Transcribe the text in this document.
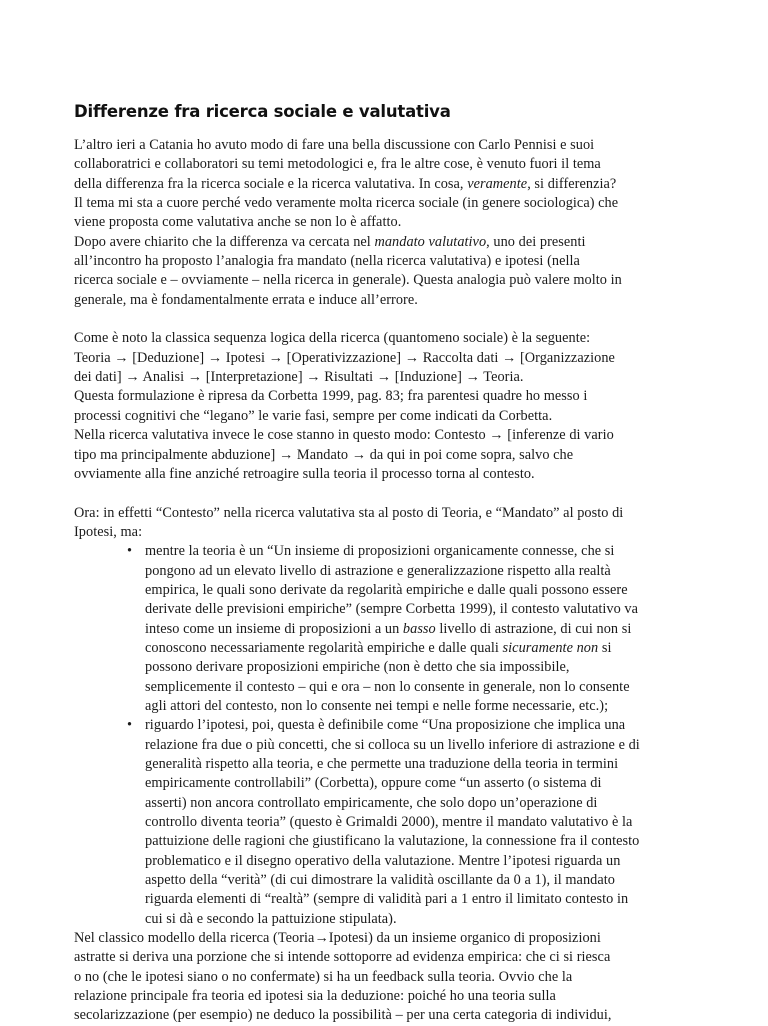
Differenze fra ricerca sociale e valutativa
L’altro ieri a Catania ho avuto modo di fare una bella discussione con Carlo Pennisi e suoi
collaboratrici e collaboratori su temi metodologici e, fra le altre cose, è venuto fuori il tema
della differenza fra la ricerca sociale e la ricerca valutativa. In cosa, veramente, si differenzia?
Il tema mi sta a cuore perché vedo veramente molta ricerca sociale (in genere sociologica) che
viene proposta come valutativa anche se non lo è affatto.
Dopo avere chiarito che la differenza va cercata nel mandato valutativo, uno dei presenti
all’incontro ha proposto l’analogia fra mandato (nella ricerca valutativa) e ipotesi (nella
ricerca sociale e – ovviamente – nella ricerca in generale). Questa analogia può valere molto in
generale, ma è fondamentalmente errata e induce all’errore.
Come è noto la classica sequenza logica della ricerca (quantomeno sociale) è la seguente:
Teoria → [Deduzione] → Ipotesi → [Operativizzazione] → Raccolta dati → [Organizzazione
dei dati] → Analisi → [Interpretazione] → Risultati → [Induzione] → Teoria.
Questa formulazione è ripresa da Corbetta 1999, pag. 83; fra parentesi quadre ho messo i
processi cognitivi che “legano” le varie fasi, sempre per come indicati da Corbetta.
Nella ricerca valutativa invece le cose stanno in questo modo: Contesto → [inferenze di vario
tipo ma principalmente abduzione] → Mandato → da qui in poi come sopra, salvo che
ovviamente alla fine anziché retroagire sulla teoria il processo torna al contesto.
Ora: in effetti “Contesto” nella ricerca valutativa sta al posto di Teoria, e “Mandato” al posto di
Ipotesi, ma:
• mentre la teoria è un “Un insieme di proposizioni organicamente connesse, che si
pongono ad un elevato livello di astrazione e generalizzazione rispetto alla realtà
empirica, le quali sono derivate da regolarità empiriche e dalle quali possono essere
derivate delle previsioni empiriche” (sempre Corbetta 1999), il contesto valutativo va
inteso come un insieme di proposizioni a un basso livello di astrazione, di cui non si
conoscono necessariamente regolarità empiriche e dalle quali sicuramente non si
possono derivare proposizioni empiriche (non è detto che sia impossibile,
semplicemente il contesto – qui e ora – non lo consente in generale, non lo consente
agli attori del contesto, non lo consente nei tempi e nelle forme necessarie, etc.);
• riguardo l’ipotesi, poi, questa è definibile come “Una proposizione che implica una
relazione fra due o più concetti, che si colloca su un livello inferiore di astrazione e di
generalità rispetto alla teoria, e che permette una traduzione della teoria in termini
empiricamente controllabili” (Corbetta), oppure come “un asserto (o sistema di
asserti) non ancora controllato empiricamente, che solo dopo un’operazione di
controllo diventa teoria” (questo è Grimaldi 2000), mentre il mandato valutativo è la
pattuizione delle ragioni che giustificano la valutazione, la connessione fra il contesto
problematico e il disegno operativo della valutazione. Mentre l’ipotesi riguarda un
aspetto della “verità” (di cui dimostrare la validità oscillante da 0 a 1), il mandato
riguarda elementi di “realtà” (sempre di validità pari a 1 entro il limitato contesto in
cui si dà e secondo la pattuizione stipulata).
Nel classico modello della ricerca (Teoria→Ipotesi) da un insieme organico di proposizioni
astratte si deriva una porzione che si intende sottoporre ad evidenza empirica: che ci si riesca
o no (che le ipotesi siano o no confermate) si ha un feedback sulla teoria. Ovvio che la
relazione principale fra teoria ed ipotesi sia la deduzione: poiché ho una teoria sulla
secolarizzazione (per esempio) ne deduco la possibilità – per una certa categoria di individui,
